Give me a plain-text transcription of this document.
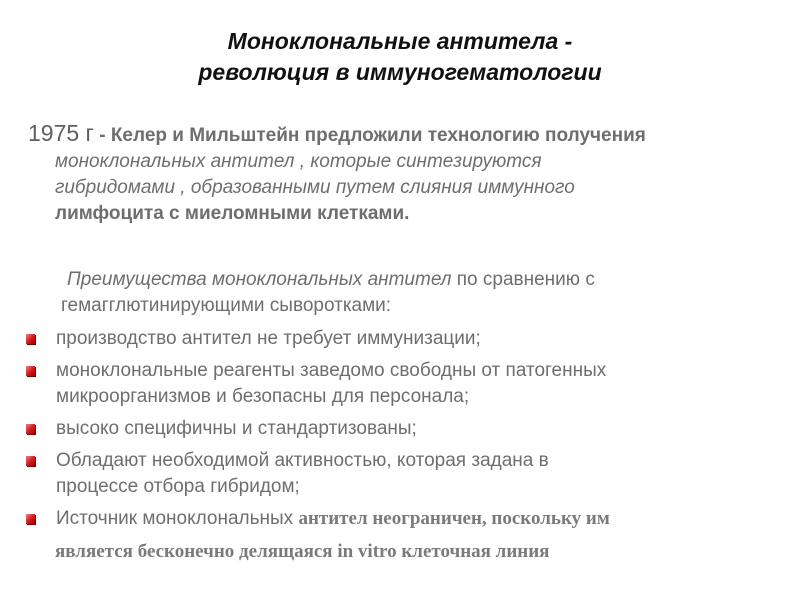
Моноклональные антитела -
революция в иммуногематологии
1975 г - Келер и Мильштейн предложили технологию получения
моноклональных антител , которые синтезируются
гибридомами , образованными путем слияния иммунного
лимфоцита с миеломными клетками.
Преимущества моноклональных антител по сравнению с
гемагглютинирующими сыворотками:
производство антител не требует иммунизации;
моноклональные реагенты заведомо свободны от патогенных
микроорганизмов и безопасны для персонала;
высоко специфичны и стандартизованы;
Обладают необходимой активностью, которая задана в
процессе отбора гибридом;
Источник моноклональных антител неограничен, поскольку им
является бесконечно делящаяся in vitro клеточная линия
